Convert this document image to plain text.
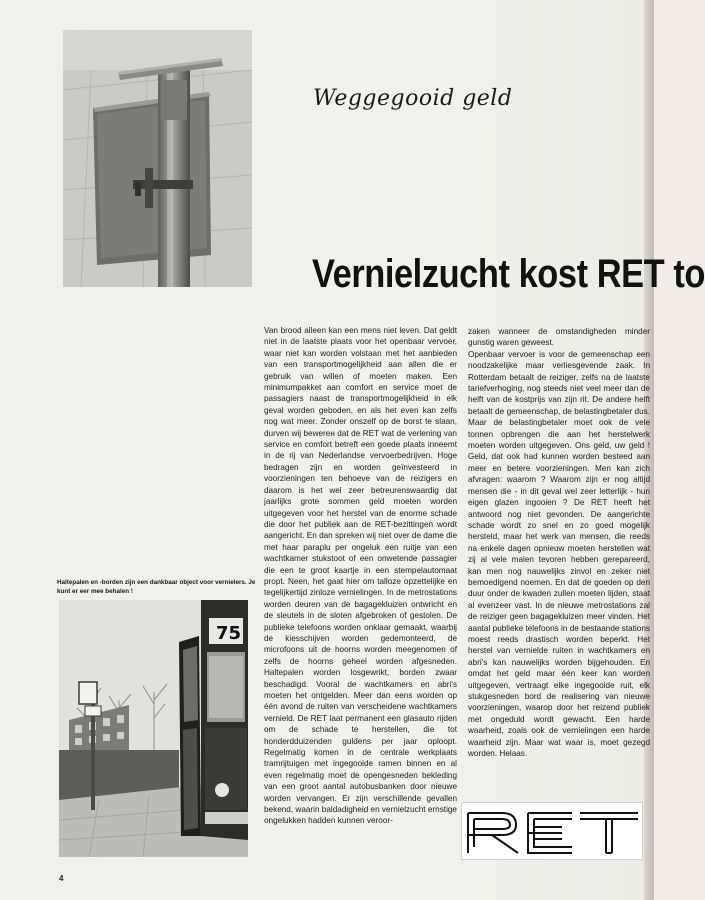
Weggegooid geld
Vernielzucht kost RET to
Haltepalen en -borden zijn een dankbaar object voor vernielers. Je kunt er eer mee behalen !
75

Van brood alleen kan een mens niet leven. Dat geldt niet in de laatste plaats voor het openbaar vervoer, waar niet kan worden volstaan met het aanbieden van een transportmogelijkheid aan allen die er gebruik van willen of moeten maken. Een minimumpakket aan comfort en service moet de passagiers naast de transportmogelijkheid in elk geval worden geboden, en als het even kan zelfs nog wat meer. Zonder onszelf op de borst te slaan, durven wij bewerен dat de RET wat de verlening van service en comfort betreft een goede plaats inneemt in de rij van Nederlandse vervoerbedrijven. Hoge bedragen zijn en worden geïnvesteerd in voorzieningen ten behoeve van de reizigers en daarom is het wel zeer betreurenswaardig dat jaarlijks grote sommen geld moeten worden uitgegeven voor het herstel van de enorme schade die door het publiek aan de RET-bezittingen wordt aangericht. En dan spreken wij niet over de dame die met haar paraplu per ongeluk een ruitje van een wachtkamer stukstoot of een onwetende passagier die een te groot kaartje in een stempelautomaat propt. Neen, het gaat hier om talloze opzettelijke en tegelijkertijd zinloze vernielingen. In de metrostations worden deuren van de bagagekluizen ontwricht en de sleutels in de sloten afgebroken of gestolen. De publieke telefoons worden onklaar gemaakt, waarbij de kiesschijven worden gedemonteerd, de microfoons uit de hoorns worden meegenomen of zelfs de hoorns geheel worden afgesneden. Haltepalen worden losgewrikt, borden zwaar beschadigd. Vooral de wachtkamers en abri's moeten het ontgelden. Meer dan eens worden op één avond de ruiten van verscheidene wachtkamers vernield. De RET laat permanent een glasauto rijden om de schade te herstellen, die tot honderdduizenden guldens per jaar oploopt. Regelmatig komen in de centrale werkplaats tramrijtuigen met ingegooide ramen binnen en al even regelmatig moet de opengesneden bekleding van een groot aantal autobusbanken door nieuwe worden vervangen. Er zijn verschillende gevallen bekend, waarin baldadigheid en vernielzucht ernstige ongelukken hadden kunnen veroor-

zaken wanneer de omstandigheden minder gunstig waren geweest.

Openbaar vervoer is voor de gemeenschap een noodzakelijke maar verliesgevende zaak. In Rotterdam betaalt de reiziger, zelfs na de laatste tariefverhoging, nog steeds niet veel meer dan de helft van de kostprijs van zijn rit. De andere helft betaalt de gemeenschap, de belastingbetaler dus. Maar de belastingbetaler moet ook de vele tonnen opbrengen die aan het herstelwerk moeten worden uitgegeven. Ons geld, uw geld ! Geld, dat ook had kunnen worden besteed aan meer en betere voorzieningen. Men kan zich afvragen: waarom ? Waarom zijn er nog altijd mensen die - in dit geval wel zeer letterlijk - hun eigen glazen ingooien ? De RET heeft het antwoord nog niet gevonden. De aangerichte schade wordt zo snel en zo goed mogelijk hersteld, maar het werk van mensen, die reeds na enkele dagen opnieuw moeten herstellen wat zij al vele malen tevoren hebben gerepareerd, kan men nog nauwelijks zinvol en zeker niet bemoedigend noemen. En dat de goeden op den duur onder de kwaden zullen moeten lijden, staat al evenzeer vast. In de nieuwe metrostations zal de reiziger geen bagagekluizen meer vinden. Het aantal publieke telefoons in de bestaande stations moest reeds drastisch worden beperkt. Het herstel van vernielde ruiten in wachtkamers en abri's kan nauwelijks worden bijgehouden. En omdat het geld maar één keer kan worden uitgegeven, vertraagt elke ingegooide ruit, elk stukgesneden bord de realisering van nieuwe voorzieningen, waarop door het reizend publiek met ongeduld wordt gewacht. Een harde waarheid, zoals ook de vernielingen een harde waarheid zijn. Maar wat waar is, moet gezegd worden. Helaas.

RET
4
